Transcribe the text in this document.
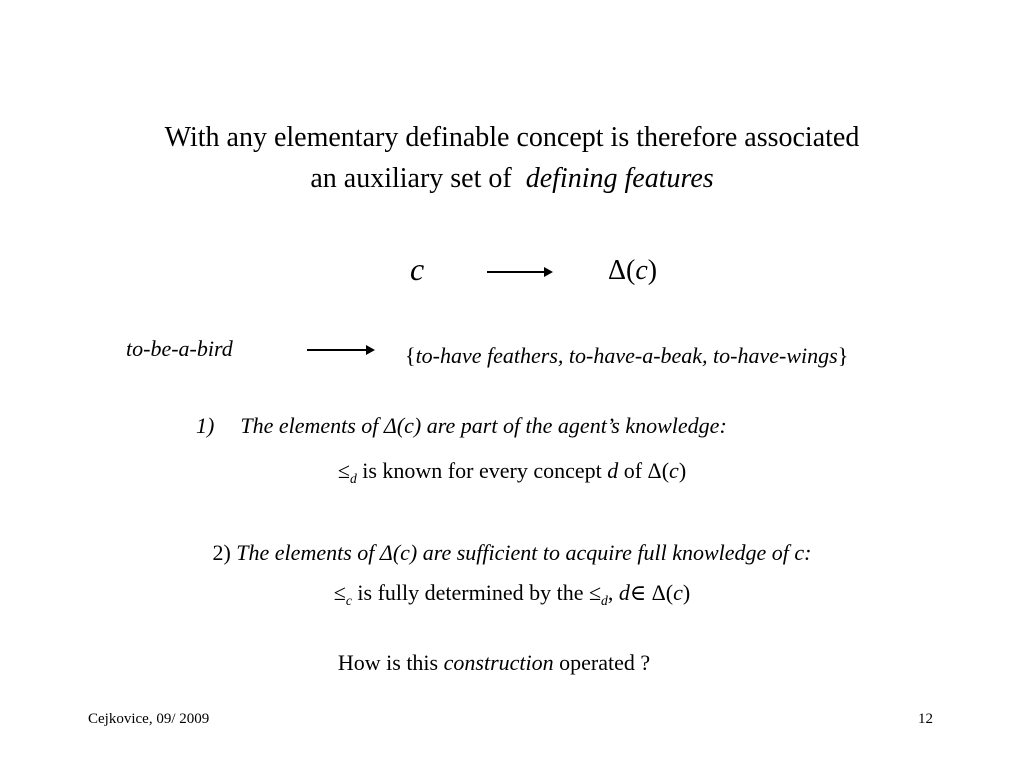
With any elementary definable concept is therefore associated
an auxiliary set of defining features
c	Δ(c)
to-be-a-bird	{to-have feathers, to-have-a-beak, to-have-wings}
1) The elements of Δ(c) are part of the agent’s knowledge:
$\le_d$ is known for every concept d of Δ(c)
2) The elements of Δ(c) are sufficient to acquire full knowledge of c:
$\le_c$ is fully determined by the $\le_d$, d∈ Δ(c)
How is this construction operated ?
Cejkovice, 09/ 2009	12
